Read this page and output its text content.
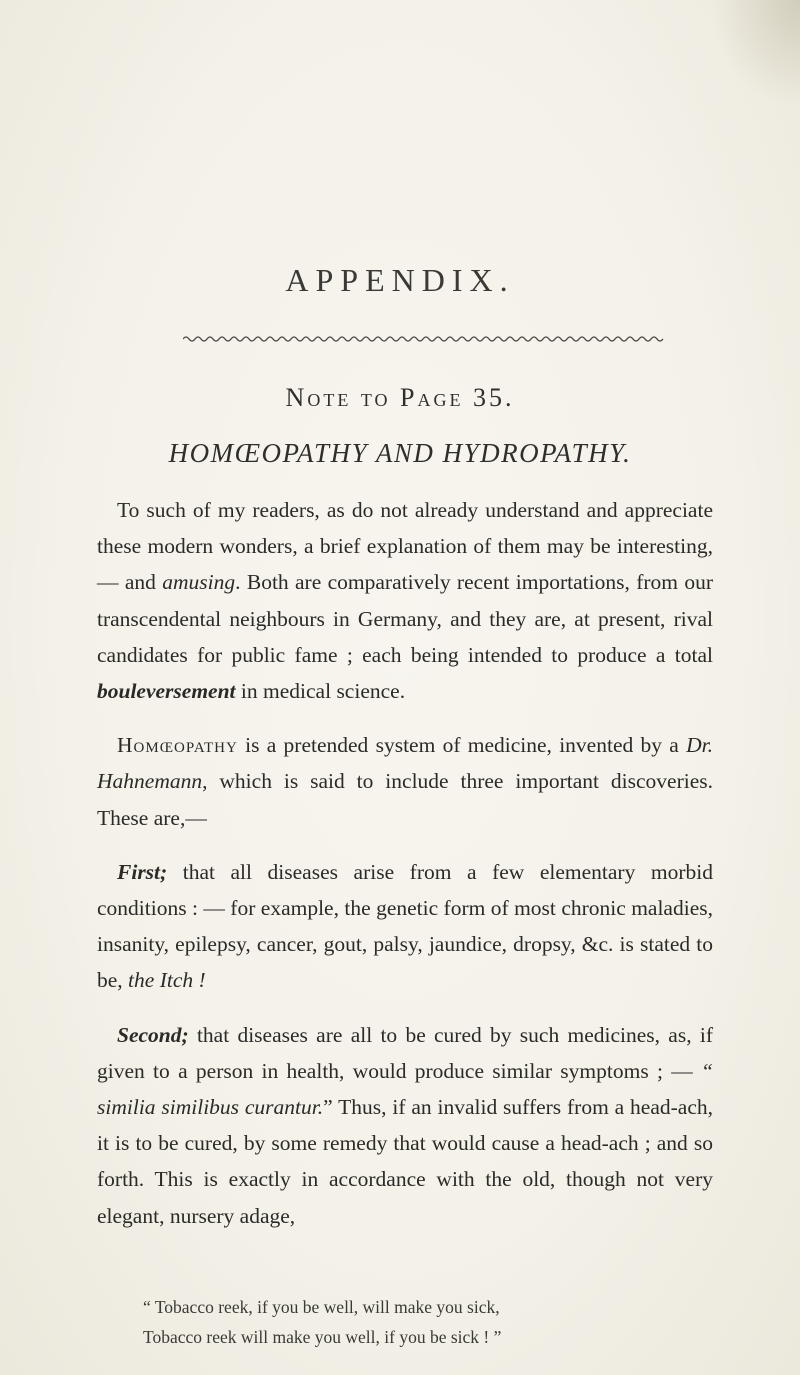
APPENDIX.
Note to Page 35.
HOMŒOPATHY AND HYDROPATHY.

To such of my readers, as do not already understand and appreciate these modern wonders, a brief explanation of them may be interesting, — and amusing. Both are comparatively recent importations, from our transcendental neighbours in Germany, and they are, at present, rival candidates for public fame ; each being intended to produce a total bouleversement in medical science.

Homœopathy is a pretended system of medicine, invented by a Dr. Hahnemann, which is said to include three important discoveries. These are,—

First; that all diseases arise from a few elementary morbid conditions : — for example, the genetic form of most chronic maladies, insanity, epilepsy, cancer, gout, palsy, jaundice, dropsy, &c. is stated to be, the Itch !

Second; that diseases are all to be cured by such medicines, as, if given to a person in health, would produce similar symptoms ; — “ similia similibus curantur.” Thus, if an invalid suffers from a head-ach, it is to be cured, by some remedy that would cause a head-ach ; and so forth. This is exactly in accordance with the old, though not very elegant, nursery adage,

“ Tobacco reek, if you be well, will make you sick,
Tobacco reek will make you well, if you be sick ! ”
